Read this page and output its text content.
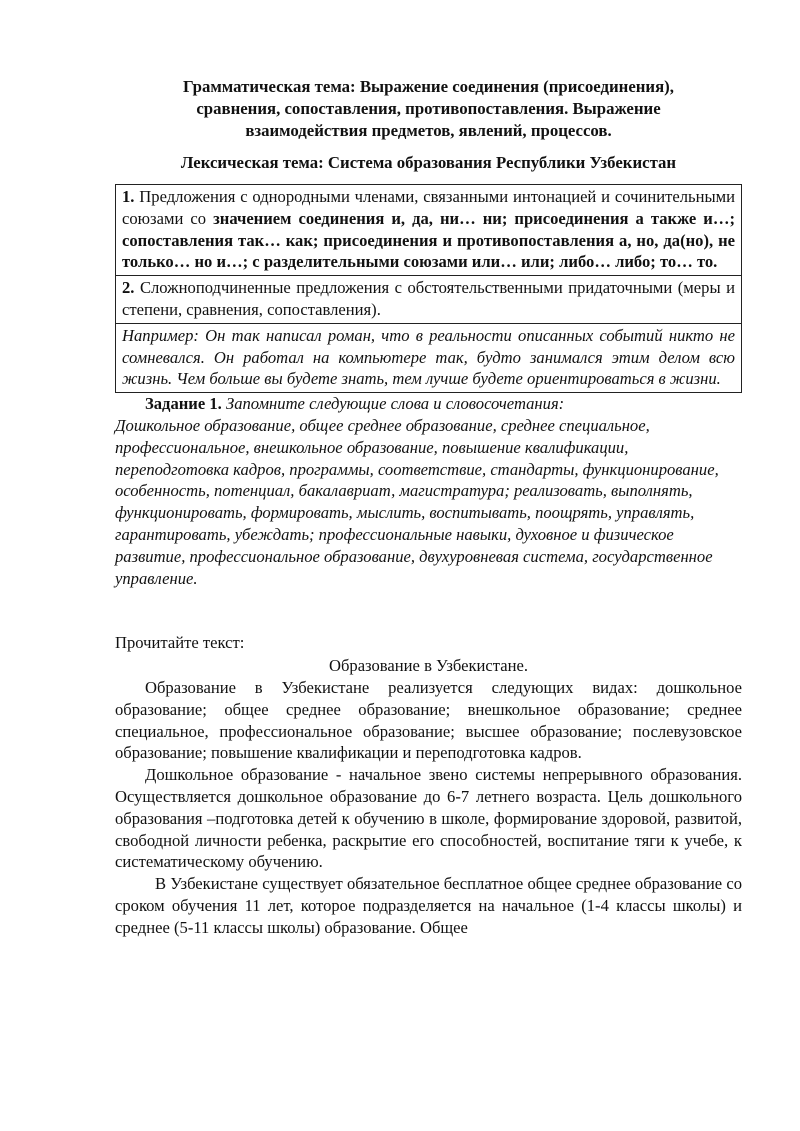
Грамматическая тема: Выражение соединения (присоединения), сравнения, сопоставления, противопоставления. Выражение взаимодействия предметов, явлений, процессов.

Лексическая тема: Система образования Республики Узбекистан

1. Предложения с однородными членами, связанными интонацией и сочинительными союзами со значением соединения и, да, ни… ни; присоединения а также и…; сопоставления так… как; присоединения и противопоставления а, но, да(но), не только… но и…; с разделительными союзами или… или; либо… либо; то… то.
2. Сложноподчиненные предложения с обстоятельственными придаточными (меры и степени, сравнения, сопоставления).
Например: Он так написал роман, что в реальности описанных событий никто не сомневался. Он работал на компьютере так, будто занимался этим делом всю жизнь. Чем больше вы будете знать, тем лучше будете ориентироваться в жизни.

Задание 1. Запомните следующие слова и словосочетания:

Дошкольное образование, общее среднее образование, среднее специальное, профессиональное, внешкольное образование, повышение квалификации, переподготовка кадров, программы, соответствие, стандарты, функционирование, особенность, потенциал, бакалавриат, магистратура; реализовать, выполнять, функционировать, формировать, мыслить, воспитывать, поощрять, управлять, гарантировать, убеждать; профессиональные навыки, духовное и физическое развитие, профессиональное образование, двухуровневая система, государственное управление.

Прочитайте текст:

Образование в Узбекистане.

Образование в Узбекистане реализуется следующих видах: дошкольное образование; общее среднее образование; внешкольное образование; среднее специальное, профессиональное образование; высшее образование; послевузовское образование; повышение квалификации и переподготовка кадров.

Дошкольное образование - начальное звено системы непрерывного образования. Осуществляется дошкольное образование до 6-7 летнего возраста. Цель дошкольного образования –подготовка детей к обучению в школе, формирование здоровой, развитой, свободной личности ребенка, раскрытие его способностей, воспитание тяги к учебе, к систематическому обучению.

В Узбекистане существует обязательное бесплатное общее среднее образование со сроком обучения 11 лет, которое подразделяется на начальное (1-4 классы школы) и среднее (5-11 классы школы) образование. Общее
